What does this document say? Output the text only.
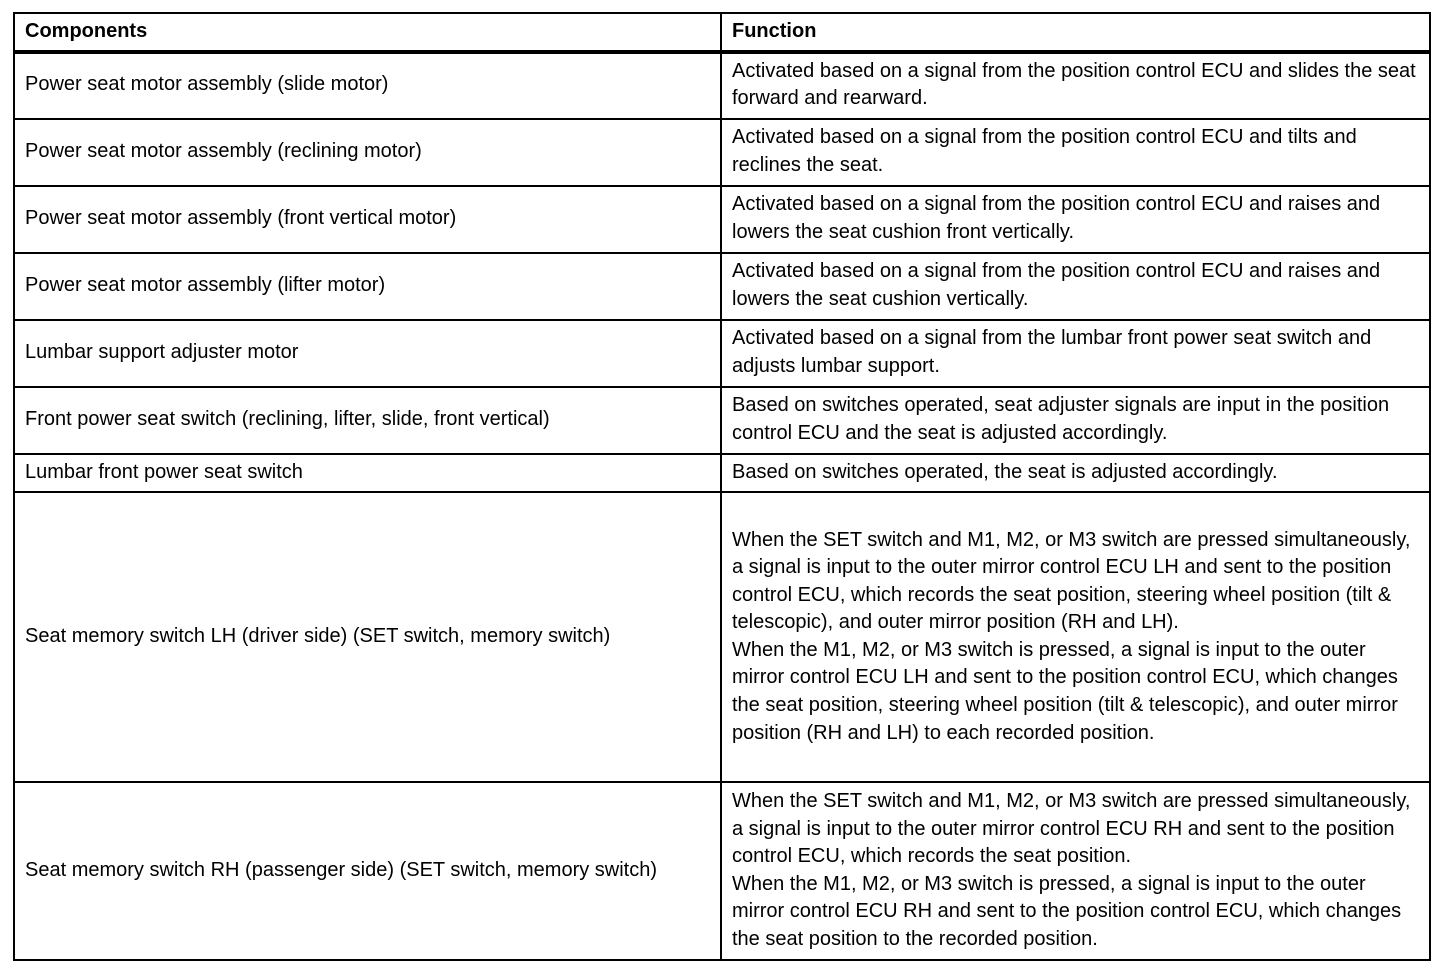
Components	Function
Power seat motor assembly (slide motor)	Activated based on a signal from the position control ECU and slides the seat forward and rearward.

Power seat motor assembly (reclining motor)	Activated based on a signal from the position control ECU and tilts and reclines the seat.

Power seat motor assembly (front vertical motor)	Activated based on a signal from the position control ECU and raises and lowers the seat cushion front vertically.

Power seat motor assembly (lifter motor)	Activated based on a signal from the position control ECU and raises and lowers the seat cushion vertically.

Lumbar support adjuster motor	Activated based on a signal from the lumbar front power seat switch and adjusts lumbar support.

Front power seat switch (reclining, lifter, slide, front vertical)	Based on switches operated, seat adjuster signals are input in the position control ECU and the seat is adjusted accordingly.

Lumbar front power seat switch	Based on switches operated, the seat is adjusted accordingly.

Seat memory switch LH (driver side) (SET switch, memory switch)	When the SET switch and M1, M2, or M3 switch are pressed simultaneously, a signal is input to the outer mirror control ECU LH and sent to the position control ECU, which records the seat position, steering wheel position (tilt & telescopic), and outer mirror position (RH and LH).
When the M1, M2, or M3 switch is pressed, a signal is input to the outer mirror control ECU LH and sent to the position control ECU, which changes the seat position, steering wheel position (tilt & telescopic), and outer mirror position (RH and LH) to each recorded position.

Seat memory switch RH (passenger side) (SET switch, memory switch)	When the SET switch and M1, M2, or M3 switch are pressed simultaneously, a signal is input to the outer mirror control ECU RH and sent to the position control ECU, which records the seat position.
When the M1, M2, or M3 switch is pressed, a signal is input to the outer mirror control ECU RH and sent to the position control ECU, which changes the seat position to the recorded position.
